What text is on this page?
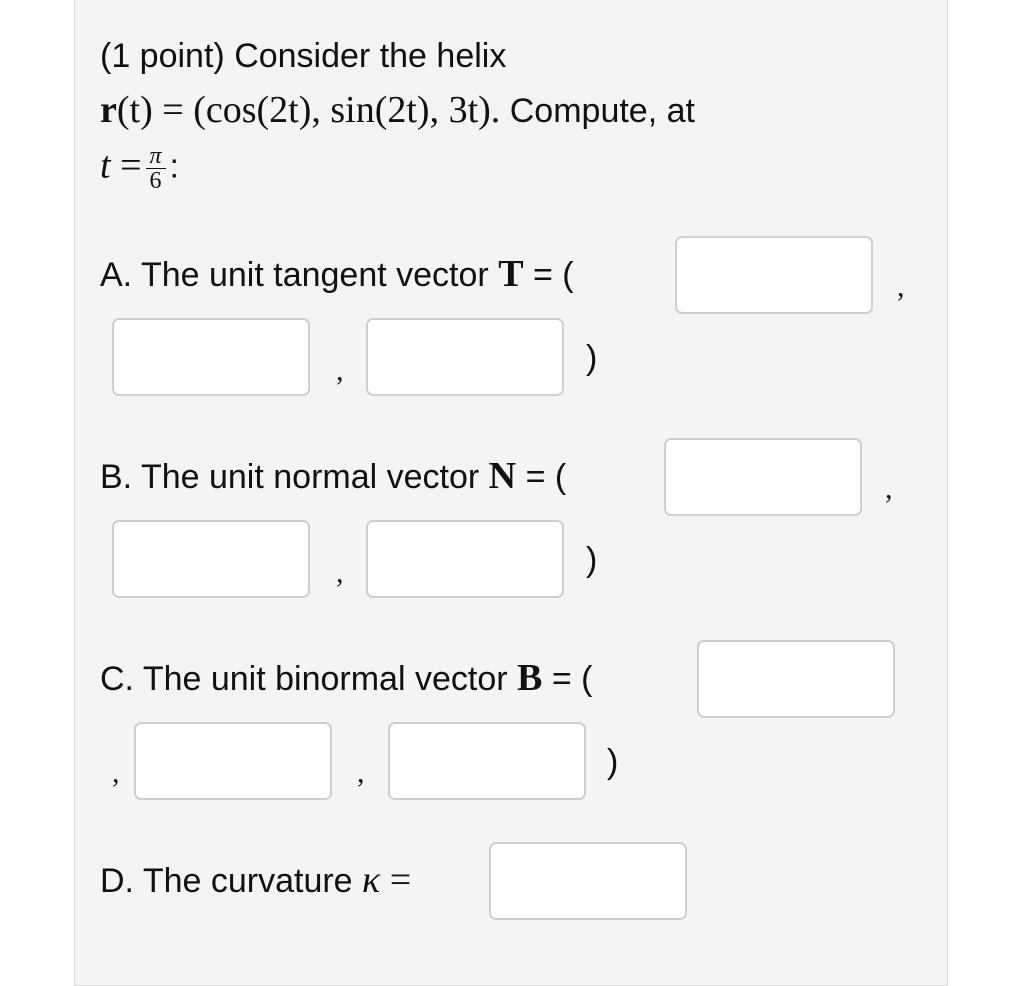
(1 point) Consider the helix
r(t) = (cos(2t), sin(2t), 3t). Compute, at
$t = \frac{\pi}{6}$ :
A. The unit tangent vector T = (	,
,	)
B. The unit normal vector N = (	,
,	)
C. The unit binormal vector B = (
,	,	)
D. The curvature κ =
